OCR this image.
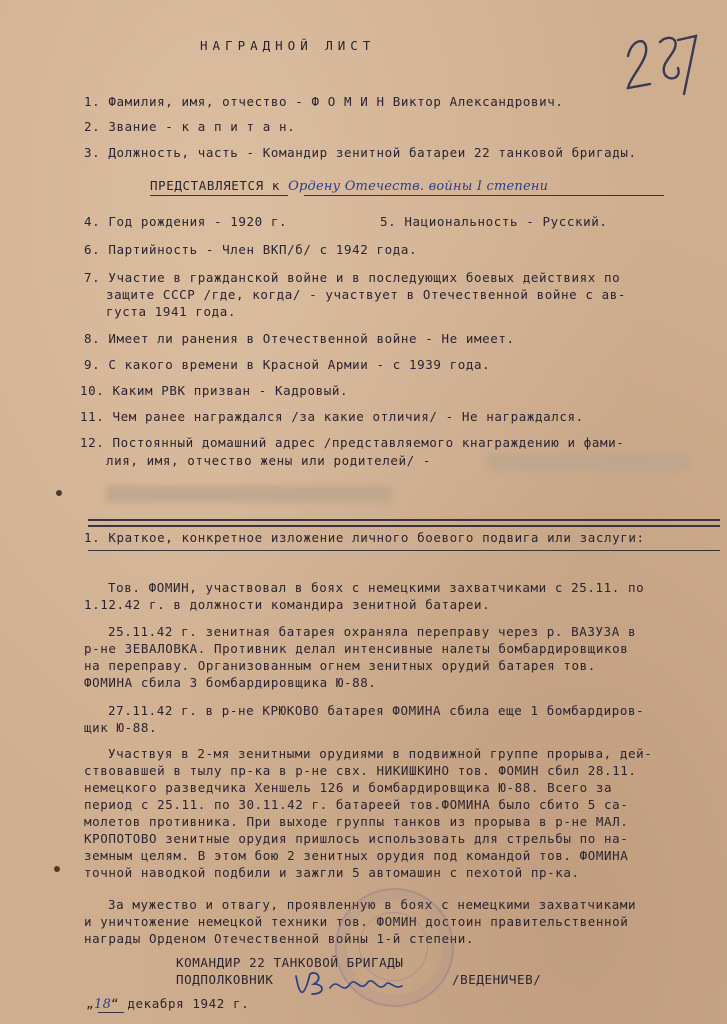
НАГРАДНОЙ ЛИСТ
1. Фамилия, имя, отчество - Ф О М И Н Виктор Александрович.
2. Звание - к а п и т а н.
3. Должность, часть - Командир зенитной батареи 22 танковой бригады.
ПРЕДСТАВЛЯЕТСЯ к Ордену Отечеств. войны I степени
4. Год рождения - 1920 г.	5. Национальность - Русский.
6. Партийность - Член ВКП/б/ с 1942 года.
7. Участие в гражданской войне и в последующих боевых действиях по
защите СССР /где, когда/ - участвует в Отечественной войне с ав-
густа 1941 года.
8. Имеет ли ранения в Отечественной войне - Не имеет.
9. С какого времени в Красной Армии - с 1939 года.
10. Каким РВК призван - Кадровый.
11. Чем ранее награждался /за какие отличия/ - Не награждался.
12. Постоянный домашний адрес /представляемого кнаграждению и фами-
лия, имя, отчество жены или родителей/ -
1. Краткое, конкретное изложение личного боевого подвига или заслуги:
Тов. ФОМИН, участвовал в боях с немецкими захватчиками с 25.11. по
1.12.42 г. в должности командира зенитной батареи.
25.11.42 г. зенитная батарея охраняла переправу через р. ВАЗУЗА в
р-не ЗЕВАЛОВКА. Противник делал интенсивные налеты бомбардировщиков
на переправу. Организованным огнем зенитных орудий батарея тов.
ФОМИНА сбила 3 бомбардировщика Ю-88.
27.11.42 г. в р-не КРЮКОВО батарея ФОМИНА сбила еще 1 бомбардиров-
щик Ю-88.
Участвуя в 2-мя зенитными орудиями в подвижной группе прорыва, дей-
ствовавшей в тылу пр-ка в р-не свх. НИКИШКИНО тов. ФОМИН сбил 28.11.
немецкого разведчика Хеншель 126 и бомбардировщика Ю-88. Всего за
период с 25.11. по 30.11.42 г. батареей тов.ФОМИНА было сбито 5 са-
молетов противника. При выходе группы танков из прорыва в р-не МАЛ.
КРОПОТОВО зенитные орудия пришлось использовать для стрельбы по на-
земным целям. В этом бою 2 зенитных орудия под командой тов. ФОМИНА
точной наводкой подбили и зажгли 5 автомашин с пехотой пр-ка.
За мужество и отвагу, проявленную в боях с немецкими захватчиками
и уничтожение немецкой техники тов. ФОМИН достоин правительственной
награды Орденом Отечественной войны 1-й степени.
КОМАНДИР 22 ТАНКОВОЙ БРИГАДЫ
ПОДПОЛКОВНИК	/ВЕДЕНИЧЕВ/
„18“ декабря 1942 г.
